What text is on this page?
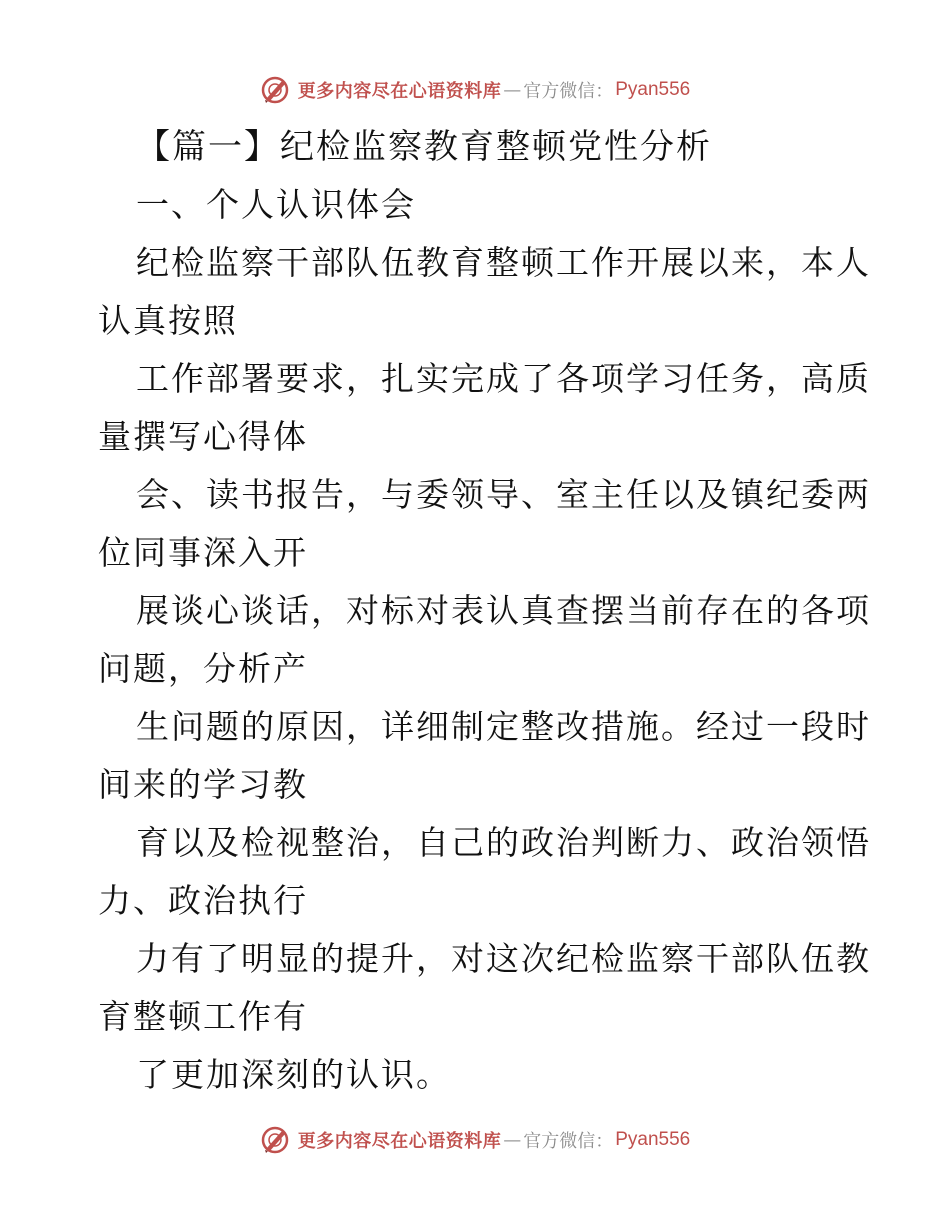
更多内容尽在心语资料库 — 官方微信： Pyan556
【篇一】纪检监察教育整顿党性分析
一、个人认识体会
纪检监察干部队伍教育整顿工作开展以来，本人
认真按照
工作部署要求，扎实完成了各项学习任务，高质
量撰写心得体
会、读书报告，与委领导、室主任以及镇纪委两
位同事深入开
展谈心谈话，对标对表认真查摆当前存在的各项
问题，分析产
生问题的原因，详细制定整改措施。经过一段时
间来的学习教
育以及检视整治，自己的政治判断力、政治领悟
力、政治执行
力有了明显的提升，对这次纪检监察干部队伍教
育整顿工作有
了更加深刻的认识。
更多内容尽在心语资料库 — 官方微信： Pyan556
